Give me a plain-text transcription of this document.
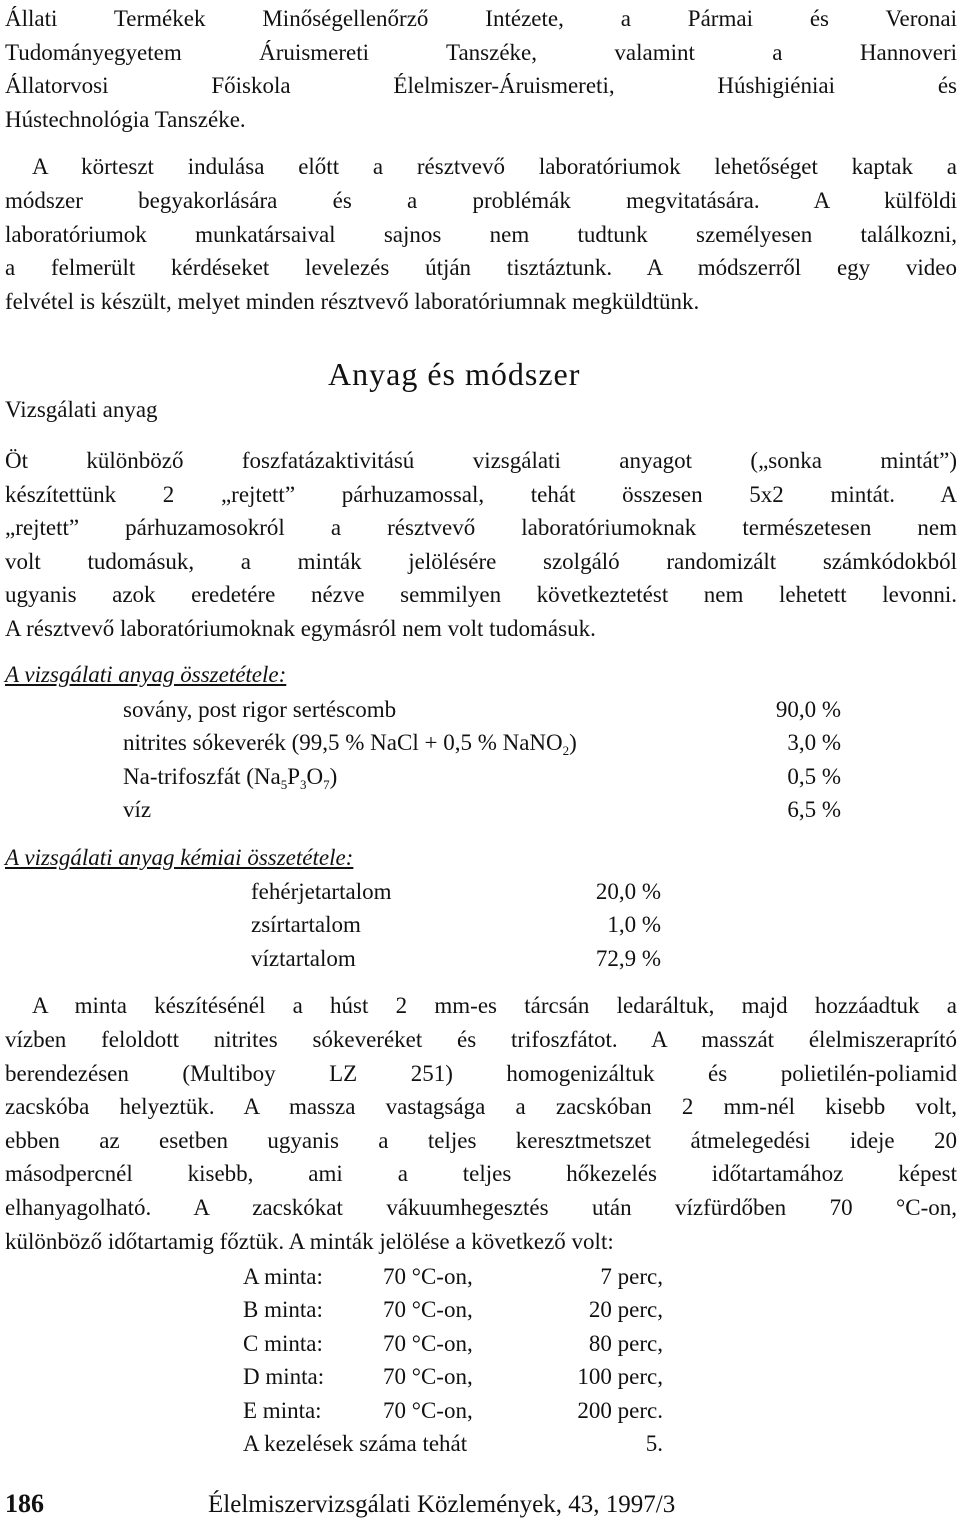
Állati Termékek Minőségellenőrző Intézete, a Pármai és Veronai
Tudományegyetem Áruismereti Tanszéke, valamint a Hannoveri
Állatorvosi Főiskola Élelmiszer-Áruismereti, Húshigiéniai és
Hústechnológia Tanszéke.
A körteszt indulása előtt a résztvevő laboratóriumok lehetőséget kaptak a
módszer begyakorlására és a problémák megvitatására. A külföldi
laboratóriumok munkatársaival sajnos nem tudtunk személyesen találkozni,
a felmerült kérdéseket levelezés útján tisztáztunk. A módszerről egy video
felvétel is készült, melyet minden résztvevő laboratóriumnak megküldtünk.
Anyag és módszer
Vizsgálati anyag
Öt különböző foszfatázaktivitású vizsgálati anyagot („sonka mintát”)
készítettünk 2 „rejtett” párhuzamossal, tehát összesen 5x2 mintát. A
„rejtett” párhuzamosokról a résztvevő laboratóriumoknak természetesen nem
volt tudomásuk, a minták jelölésére szolgáló randomizált számkódokból
ugyanis azok eredetére nézve semmilyen következtetést nem lehetett levonni.
A résztvevő laboratóriumoknak egymásról nem volt tudomásuk.
A vizsgálati anyag összetétele:
sovány, post rigor sertéscomb	90,0 %
nitrites sókeverék (99,5 % NaCl + 0,5 % NaNO$_2$)	3,0 %
Na-trifoszfát $(Na_5P_3O_7)$	0,5 %
víz	6,5 %
A vizsgálati anyag kémiai összetétele:
fehérjetartalom	20,0 %
zsírtartalom	1,0 %
víztartalom	72,9 %
A minta készítésénél a húst 2 mm-es tárcsán ledaráltuk, majd hozzáadtuk a
vízben feloldott nitrites sókeveréket és trifoszfátot. A masszát élelmiszeraprító
berendezésen (Multiboy LZ 251) homogenizáltuk és polietilén-poliamid
zacskóba helyeztük. A massza vastagsága a zacskóban 2 mm-nél kisebb volt,
ebben az esetben ugyanis a teljes keresztmetszet átmelegedési ideje 20
másodpercnél kisebb, ami a teljes hőkezelés időtartamához képest
elhanyagolható. A zacskókat vákuumhegesztés után vízfürdőben 70 °C-on,
különböző időtartamig főztük. A minták jelölése a következő volt:
A minta:	70 °C-on,	7 perc,
B minta:	70 °C-on,	20 perc,
C minta:	70 °C-on,	80 perc,
D minta:	70 °C-on,	100 perc,
E minta:	70 °C-on,	200 perc.
A kezelések száma tehát		5.
186	Élelmiszervizsgálati Közlemények, 43, 1997/3
